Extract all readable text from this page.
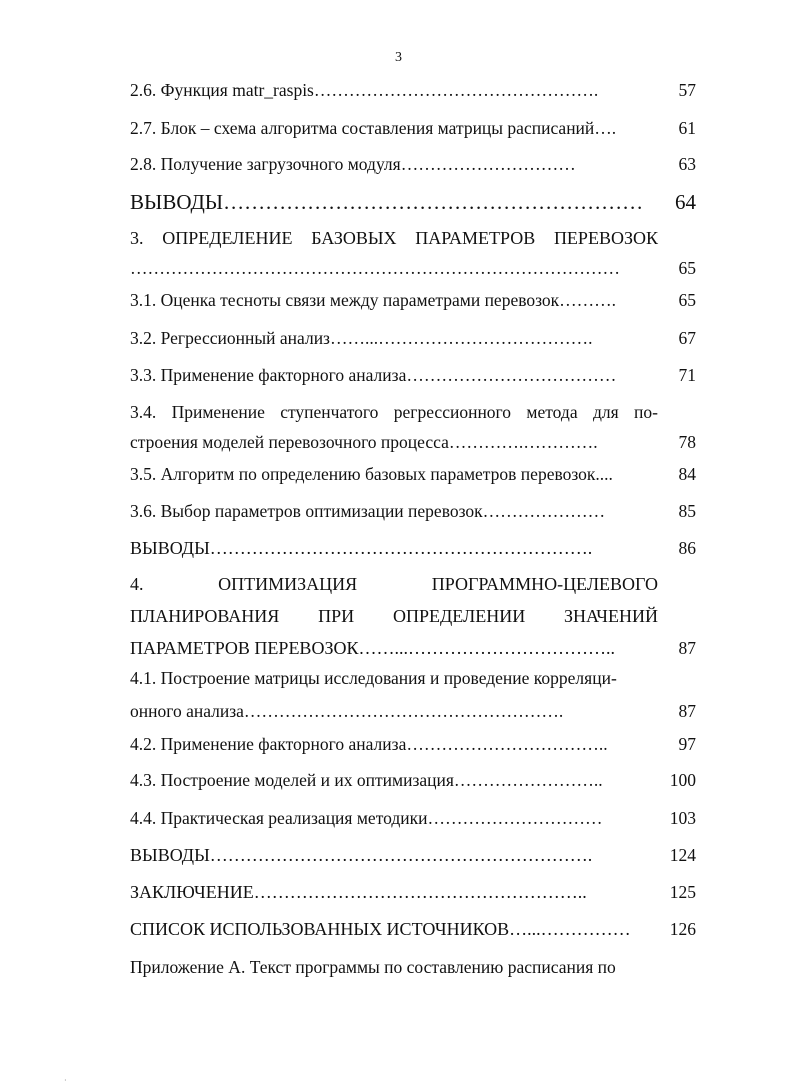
3
2.6. Функция matr_raspis………………………………………….	57
2.7. Блок – схема алгоритма составления матрицы расписаний….	61
2.8. Получение загрузочного модуля…………………………	63
ВЫВОДЫ……………………………………………………	64
3. ОПРЕДЕЛЕНИЕ БАЗОВЫХ ПАРАМЕТРОВ ПЕРЕВОЗОК
…………………………………………………………………………	65
3.1. Оценка тесноты связи между параметрами перевозок……….	65
3.2. Регрессионный анализ……...……………………………….	67
3.3. Применение факторного анализа………………………………	71
3.4. Применение ступенчатого регрессионного метода для по-
строения моделей перевозочного процесса………….………….	78
3.5. Алгоритм по определению базовых параметров перевозок....	84
3.6. Выбор параметров оптимизации перевозок…………………	85
ВЫВОДЫ……………………………………………………….	86
4.	ОПТИМИЗАЦИЯ	ПРОГРАММНО-ЦЕЛЕВОГО
ПЛАНИРОВАНИЯ ПРИ ОПРЕДЕЛЕНИИ ЗНАЧЕНИЙ
ПАРАМЕТРОВ ПЕРЕВОЗОК……...……………………………..	87
4.1. Построение матрицы исследования и проведение корреляци-
онного анализа……………………………………………….	87
4.2. Применение факторного анализа……………………………..	97
4.3. Построение моделей и их оптимизация……………………..	100
4.4. Практическая реализация методики…………………………	103
ВЫВОДЫ……………………………………………………….	124
ЗАКЛЮЧЕНИЕ………………………………………………..	125
СПИСОК ИСПОЛЬЗОВАННЫХ ИСТОЧНИКОВ…...……………	126
Приложение А. Текст программы по составлению расписания по
·
